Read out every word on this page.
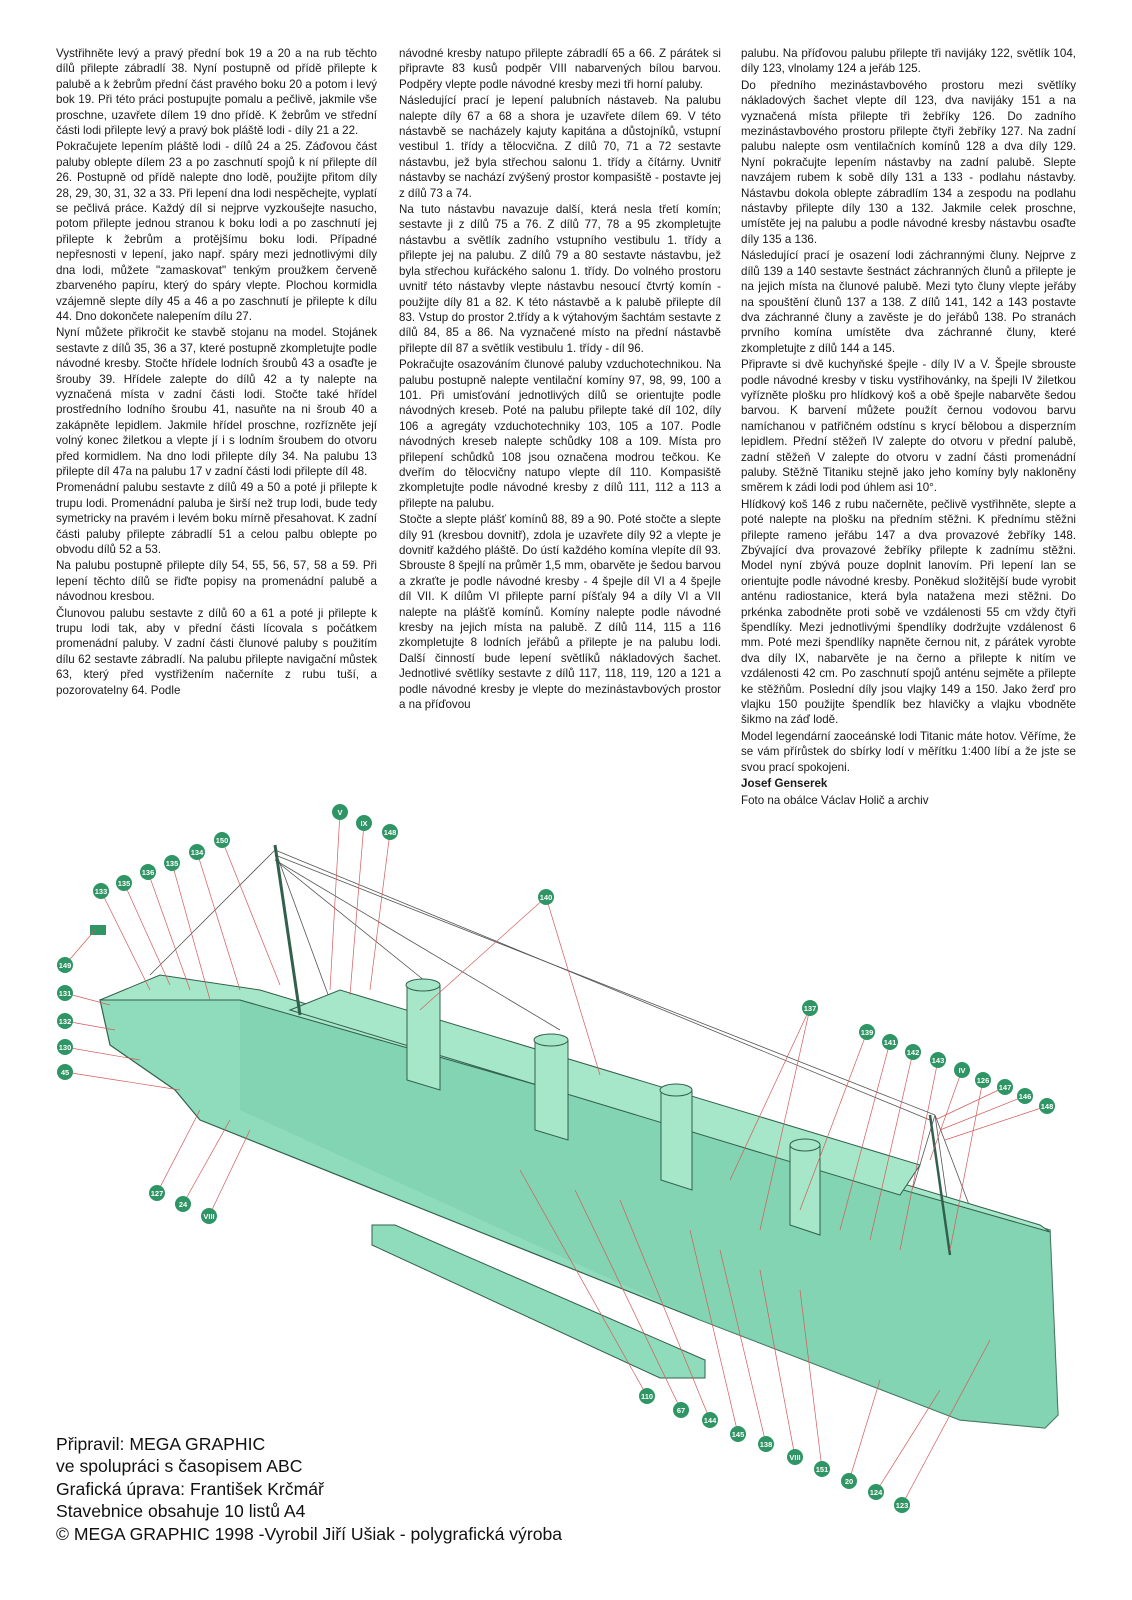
Vystřihněte levý a pravý přední bok 19 a 20 a na rub těchto dílů přilepte zábradlí 38. Nyní postupně od přídě přilepte k palubě a k žebrům přední část pravého boku 20 a potom i levý bok 19. Při této práci postupujte pomalu a pečlivě, jakmile vše proschne, uzavřete dílem 19 dno přídě. K žebrům ve střední části lodi přilepte levý a pravý bok pláště lodi - díly 21 a 22.

Pokračujete lepením pláště lodi - dílů 24 a 25. Záďovou část paluby oblepte dílem 23 a po zaschnutí spojů k ní přilepte díl 26. Postupně od přídě nalepte dno lodě, použijte přitom díly 28, 29, 30, 31, 32 a 33. Při lepení dna lodi nespěchejte, vyplatí se pečlivá práce. Každý díl si nejprve vyzkoušejte nasucho, potom přilepte jednou stranou k boku lodi a po zaschnutí jej přilepte k žebrům a protějšímu boku lodi. Případné nepřesnosti v lepení, jako např. spáry mezi jednotlivými díly dna lodi, můžete "zamaskovat" tenkým proužkem červeně zbarveného papíru, který do spáry vlepte. Plochou kormidla vzájemně slepte díly 45 a 46 a po zaschnutí je přilepte k dílu 44. Dno dokončete nalepením dílu 27.

Nyní můžete přikročit ke stavbě stojanu na model. Stojánek sestavte z dílů 35, 36 a 37, které postupně zkompletujte podle návodné kresby. Stočte hřídele lodních šroubů 43 a osaďte je šrouby 39. Hřídele zalepte do dílů 42 a ty nalepte na vyznačená místa v zadní části lodi. Stočte také hřídel prostředního lodního šroubu 41, nasuňte na ni šroub 40 a zakápněte lepidlem. Jakmile hřídel proschne, rozřízněte její volný konec žiletkou a vlepte jí i s lodním šroubem do otvoru před kormidlem. Na dno lodi přilepte díly 34. Na palubu 13 přilepte díl 47a na palubu 17 v zadní části lodi přilepte díl 48.

Promenádní palubu sestavte z dílů 49 a 50 a poté ji přilepte k trupu lodi. Promenádní paluba je širší než trup lodi, bude tedy symetricky na pravém i levém boku mírně přesahovat. K zadní části paluby přilepte zábradlí 51 a celou palbu oblepte po obvodu dílů 52 a 53.

Na palubu postupně přilepte díly 54, 55, 56, 57, 58 a 59. Při lepení těchto dílů se řiďte popisy na promenádní palubě a návodnou kresbou.

Člunovou palubu sestavte z dílů 60 a 61 a poté ji přilepte k trupu lodi tak, aby v přední části lícovala s počátkem promenádní paluby. V zadní části člunové paluby s použitím dílu 62 sestavte zábradlí. Na palubu přilepte navigační můstek 63, který před vystřižením načerníte z rubu tuší, a pozorovatelny 64. Podle

návodné kresby natupo přilepte zábradlí 65 a 66. Z párátek si připravte 83 kusů podpěr VIII nabarvených bílou barvou. Podpěry vlepte podle návodné kresby mezi tři horní paluby.

Následující prací je lepení palubních nástaveb. Na palubu nalepte díly 67 a 68 a shora je uzavřete dílem 69. V této nástavbě se nacházely kajuty kapitána a důstojníků, vstupní vestibul 1. třídy a tělocvična. Z dílů 70, 71 a 72 sestavte nástavbu, jež byla střechou salonu 1. třídy a čítárny. Uvnitř nástavby se nachází zvýšený prostor kompasiště - postavte jej z dílů 73 a 74.

Na tuto nástavbu navazuje další, která nesla třetí komín; sestavte ji z dílů 75 a 76. Z dílů 77, 78 a 95 zkompletujte nástavbu a světlík zadního vstupního vestibulu 1. třídy a přilepte jej na palubu. Z dílů 79 a 80 sestavte nástavbu, jež byla střechou kuřáckého salonu 1. třídy. Do volného prostoru uvnitř této nástavby vlepte nástavbu nesoucí čtvrtý komín - použijte díly 81 a 82. K této nástavbě a k palubě přilepte díl 83. Vstup do prostor 2.třídy a k výtahovým šachtám sestavte z dílů 84, 85 a 86. Na vyznačené místo na přední nástavbě přilepte díl 87 a světlík vestibulu 1. třídy - díl 96.

Pokračujte osazováním člunové paluby vzduchotechnikou. Na palubu postupně nalepte ventilační komíny 97, 98, 99, 100 a 101. Při umisťování jednotlivých dílů se orientujte podle návodných kreseb. Poté na palubu přilepte také díl 102, díly 106 a agregáty vzduchotechniky 103, 105 a 107. Podle návodných kreseb nalepte schůdky 108 a 109. Místa pro přilepení schůdků 108 jsou označena modrou tečkou. Ke dveřím do tělocvičny natupo vlepte díl 110. Kompasiště zkompletujte podle návodné kresby z dílů 111, 112 a 113 a přilepte na palubu.

Stočte a slepte plášť komínů 88, 89 a 90. Poté stočte a slepte díly 91 (kresbou dovnitř), zdola je uzavřete díly 92 a vlepte je dovnitř každého pláště. Do ústí každého komína vlepíte díl 93. Sbrouste 8 špejlí na průměr 1,5 mm, obarvěte je šedou barvou a zkraťte je podle návodné kresby - 4 špejle díl VI a 4 špejle díl VII. K dílům VI přilepte parní píšťaly 94 a díly VI a VII nalepte na plášťě komínů. Komíny nalepte podle návodné kresby na jejich místa na palubě. Z dílů 114, 115 a 116 zkompletujte 8 lodních jeřábů a přilepte je na palubu lodi. Další činností bude lepení světlíků nákladových šachet. Jednotlivé světlíky sestavte z dílů 117, 118, 119, 120 a 121 a podle návodné kresby je vlepte do mezinástavbových prostor a na příďovou

palubu. Na příďovou palubu přilepte tři navijáky 122, světlík 104, díly 123, vlnolamy 124 a jeřáb 125.

Do předního mezinástavbového prostoru mezi světlíky nákladových šachet vlepte díl 123, dva navijáky 151 a na vyznačená místa přilepte tři žebříky 126. Do zadního mezinástavbového prostoru přilepte čtyři žebříky 127. Na zadní palubu nalepte osm ventilačních komínů 128 a dva díly 129. Nyní pokračujte lepením nástavby na zadní palubě. Slepte navzájem rubem k sobě díly 131 a 133 - podlahu nástavby. Nástavbu dokola oblepte zábradlím 134 a zespodu na podlahu nástavby přilepte díly 130 a 132. Jakmile celek proschne, umístěte jej na palubu a podle návodné kresby nástavbu osaďte díly 135 a 136.

Následující prací je osazení lodi záchrannými čluny. Nejprve z dílů 139 a 140 sestavte šestnáct záchranných člunů a přilepte je na jejich místa na člunové palubě. Mezi tyto čluny vlepte jeřáby na spouštění člunů 137 a 138. Z dílů 141, 142 a 143 postavte dva záchranné čluny a zavěste je do jeřábů 138. Po stranách prvního komína umístěte dva záchranné čluny, které zkompletujte z dílů 144 a 145.

Připravte si dvě kuchyňské špejle - díly IV a V. Špejle sbrouste podle návodné kresby v tisku vystřihovánky, na špejli IV žiletkou vyřízněte plošku pro hlídkový koš a obě špejle nabarvěte šedou barvou. K barvení můžete použít černou vodovou barvu namíchanou v patřičném odstínu s krycí bělobou a disperzním lepidlem. Přední stěžeň IV zalepte do otvoru v přední palubě, zadní stěžeň V zalepte do otvoru v zadní části promenádní paluby. Stěžně Titaniku stejně jako jeho komíny byly nakloněny směrem k zádi lodi pod úhlem asi 10°.

Hlídkový koš 146 z rubu načerněte, pečlivě vystřihněte, slepte a poté nalepte na plošku na předním stěžni. K přednímu stěžni přilepte rameno jeřábu 147 a dva provazové žebříky 148. Zbývající dva provazové žebříky přilepte k zadnímu stěžni. Model nyní zbývá pouze doplnit lanovím. Při lepení lan se orientujte podle návodné kresby. Poněkud složitější bude vyrobit anténu radiostanice, která byla natažena mezi stěžni. Do prkénka zabodněte proti sobě ve vzdálenosti 55 cm vždy čtyři špendlíky. Mezi jednotlivými špendlíky dodržujte vzdálenost 6 mm. Poté mezi špendlíky napněte černou nit, z párátek vyrobte dva díly IX, nabarvěte je na černo a přilepte k nitím ve vzdálenosti 42 cm. Po zaschnutí spojů anténu sejměte a přilepte ke stěžňům. Poslední díly jsou vlajky 149 a 150. Jako žerď pro vlajku 150 použijte špendlík bez hlavičky a vlajku vbodněte šikmo na záď lodě.

Model legendární zaoceánské lodi Titanic máte hotov. Věříme, že se vám přírůstek do sbírky lodí v měřítku 1:400 líbí a že jste se svou prací spokojeni.

Josef Genserek

Foto na obálce Václav Holič a archiv

V
IX
148
150
134
135
136
135
133
140
149
131
132
130
45
127
24
VIII
137
139
141
142
143
IV
126
147
146
148
110
67
144
145
138
VIII
151
20
124
123
Připravil: MEGA GRAPHIC
ve spolupráci s časopisem ABC
Grafická úprava: František Krčmář
Stavebnice obsahuje 10 listů A4
© MEGA GRAPHIC 1998 -Vyrobil Jiří Ušiak - polygrafická výroba
